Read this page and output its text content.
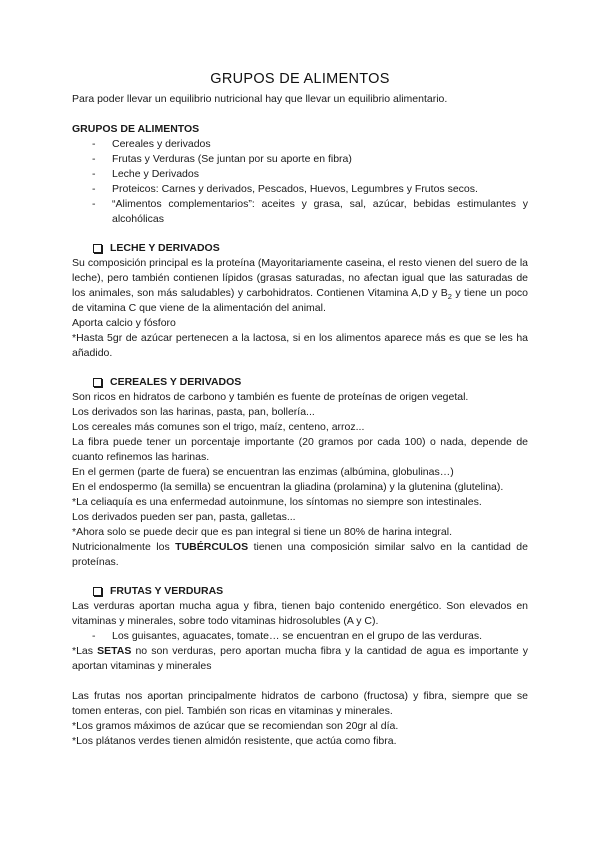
GRUPOS DE ALIMENTOS

Para poder llevar un equilibrio nutricional hay que llevar un equilibrio alimentario.

GRUPOS DE ALIMENTOS

- Cereales y derivados
- Frutas y Verduras (Se juntan por su aporte en fibra)
- Leche y Derivados
- Proteicos: Carnes y derivados, Pescados, Huevos, Legumbres y Frutos secos.
- “Alimentos complementarios”: aceites y grasa, sal, azúcar, bebidas estimulantes y alcohólicas
LECHE Y DERIVADOS

Su composición principal es la proteína (Mayoritariamente caseina, el resto vienen del suero de la leche), pero también contienen lípidos (grasas saturadas, no afectan igual que las saturadas de los animales, son más saludables) y carbohidratos. Contienen Vitamina A,D y $B_2$ y tiene un poco de vitamina C que viene de la alimentación del animal.

Aporta calcio y fósforo

*Hasta 5gr de azúcar pertenecen a la lactosa, si en los alimentos aparece más es que se les ha añadido.

CEREALES Y DERIVADOS

Son ricos en hidratos de carbono y también es fuente de proteínas de origen vegetal.

Los derivados son las harinas, pasta, pan, bollería...

Los cereales más comunes son el trigo, maíz, centeno, arroz...

La fibra puede tener un porcentaje importante (20 gramos por cada 100) o nada, depende de cuanto refinemos las harinas.

En el germen (parte de fuera) se encuentran las enzimas (albúmina, globulinas…)

En el endospermo (la semilla) se encuentran la gliadina (prolamina) y la glutenina (glutelina).

*La celiaquía es una enfermedad autoinmune, los síntomas no siempre son intestinales.

Los derivados pueden ser pan, pasta, galletas...

*Ahora solo se puede decir que es pan integral si tiene un 80% de harina integral.

Nutricionalmente los TUBÉRCULOS tienen una composición similar salvo en la cantidad de proteínas.

FRUTAS Y VERDURAS

Las verduras aportan mucha agua y fibra, tienen bajo contenido energético. Son elevados en vitaminas y minerales, sobre todo vitaminas hidrosolubles (A y C).

- Los guisantes, aguacates, tomate… se encuentran en el grupo de las verduras.

*Las SETAS no son verduras, pero aportan mucha fibra y la cantidad de agua es importante y aportan vitaminas y minerales

Las frutas nos aportan principalmente hidratos de carbono (fructosa) y fibra, siempre que se tomen enteras, con piel. También son ricas en vitaminas y minerales.

*Los gramos máximos de azúcar que se recomiendan son 20gr al día.

*Los plátanos verdes tienen almidón resistente, que actúa como fibra.
